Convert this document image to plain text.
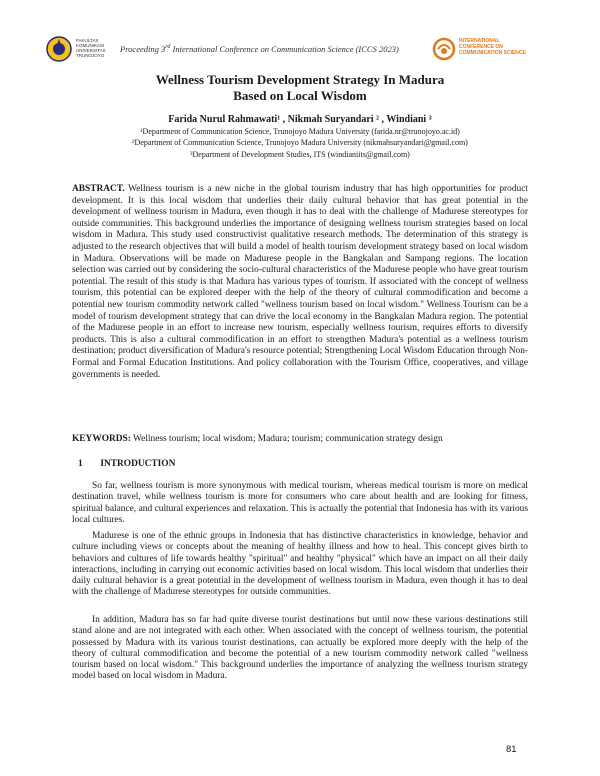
FAKULTAS
KOMUNIKASI
UNIVERSITAS
TRUNOJOYO
Proceeding 3rd International Conference on Communication Science (ICCS 2023)
INTERNATIONAL
CONFERENCE ON
COMMUNICATION SCIENCE
Wellness Tourism Development Strategy In Madura
Based on Local Wisdom
Farida Nurul Rahmawati¹ , Nikmah Suryandari ² , Windiani ³
¹Department of Communication Science, Trunojoyo Madura University (farida.nr@trunojoyo.ac.id)
²Department of Communication Science, Trunojoyo Madura University (nikmahsuryandari@gmail.com)
³Department of Development Studies, ITS (windianiits@gmail.com)
ABSTRACT. Wellness tourism is a new niche in the global tourism industry that has high opportunities for product development. It is this local wisdom that underlies their daily cultural behavior that has great potential in the development of wellness tourism in Madura, even though it has to deal with the challenge of Madurese stereotypes for outside communities. This background underlies the importance of designing wellness tourism strategies based on local wisdom in Madura. This study used constructivist qualitative research methods. The determination of this strategy is adjusted to the research objectives that will build a model of health tourism development strategy based on local wisdom in Madura. Observations will be made on Madurese people in the Bangkalan and Sampang regions. The location selection was carried out by considering the socio-cultural characteristics of the Madurese people who have great tourism potential. The result of this study is that Madura has various types of tourism. If associated with the concept of wellness tourism, this potential can be explored deeper with the help of the theory of cultural commodification and become a potential new tourism commodity network called "wellness tourism based on local wisdom." Wellness Tourism can be a model of tourism development strategy that can drive the local economy in the Bangkalan Madura region. The potential of the Madurese people in an effort to increase new tourism, especially wellness tourism, requires efforts to diversify products. This is also a cultural commodification in an effort to strengthen Madura's potential as a wellness tourism destination; product diversification of Madura's resource potential; Strengthening Local Wisdom Education through Non-Formal and Formal Education Institutions. And policy collaboration with the Tourism Office, cooperatives, and village governments is needed.
KEYWORDS: Wellness tourism; local wisdom; Madura; tourism; communication strategy design
1 INTRODUCTION
So far, wellness tourism is more synonymous with medical tourism, whereas medical tourism is more on medical destination travel, while wellness tourism is more for consumers who care about health and are looking for fitness, spiritual balance, and cultural experiences and relaxation. This is actually the potential that Indonesia has with its various local cultures.
Madurese is one of the ethnic groups in Indonesia that has distinctive characteristics in knowledge, behavior and culture including views or concepts about the meaning of healthy illness and how to heal. This concept gives birth to behaviors and cultures of life towards healthy "spiritual" and healthy "physical" which have an impact on all their daily interactions, including in carrying out economic activities based on local wisdom. This local wisdom that underlies their daily cultural behavior is a great potential in the development of wellness tourism in Madura, even though it has to deal with the challenge of Madurese stereotypes for outside communities.
In addition, Madura has so far had quite diverse tourist destinations but until now these various destinations still stand alone and are not integrated with each other. When associated with the concept of wellness tourism, the potential possessed by Madura with its various tourist destinations, can actually be explored more deeply with the help of the theory of cultural commodification and become the potential of a new tourism commodity network called "wellness tourism based on local wisdom." This background underlies the importance of analyzing the wellness tourism strategy model based on local wisdom in Madura.
81
